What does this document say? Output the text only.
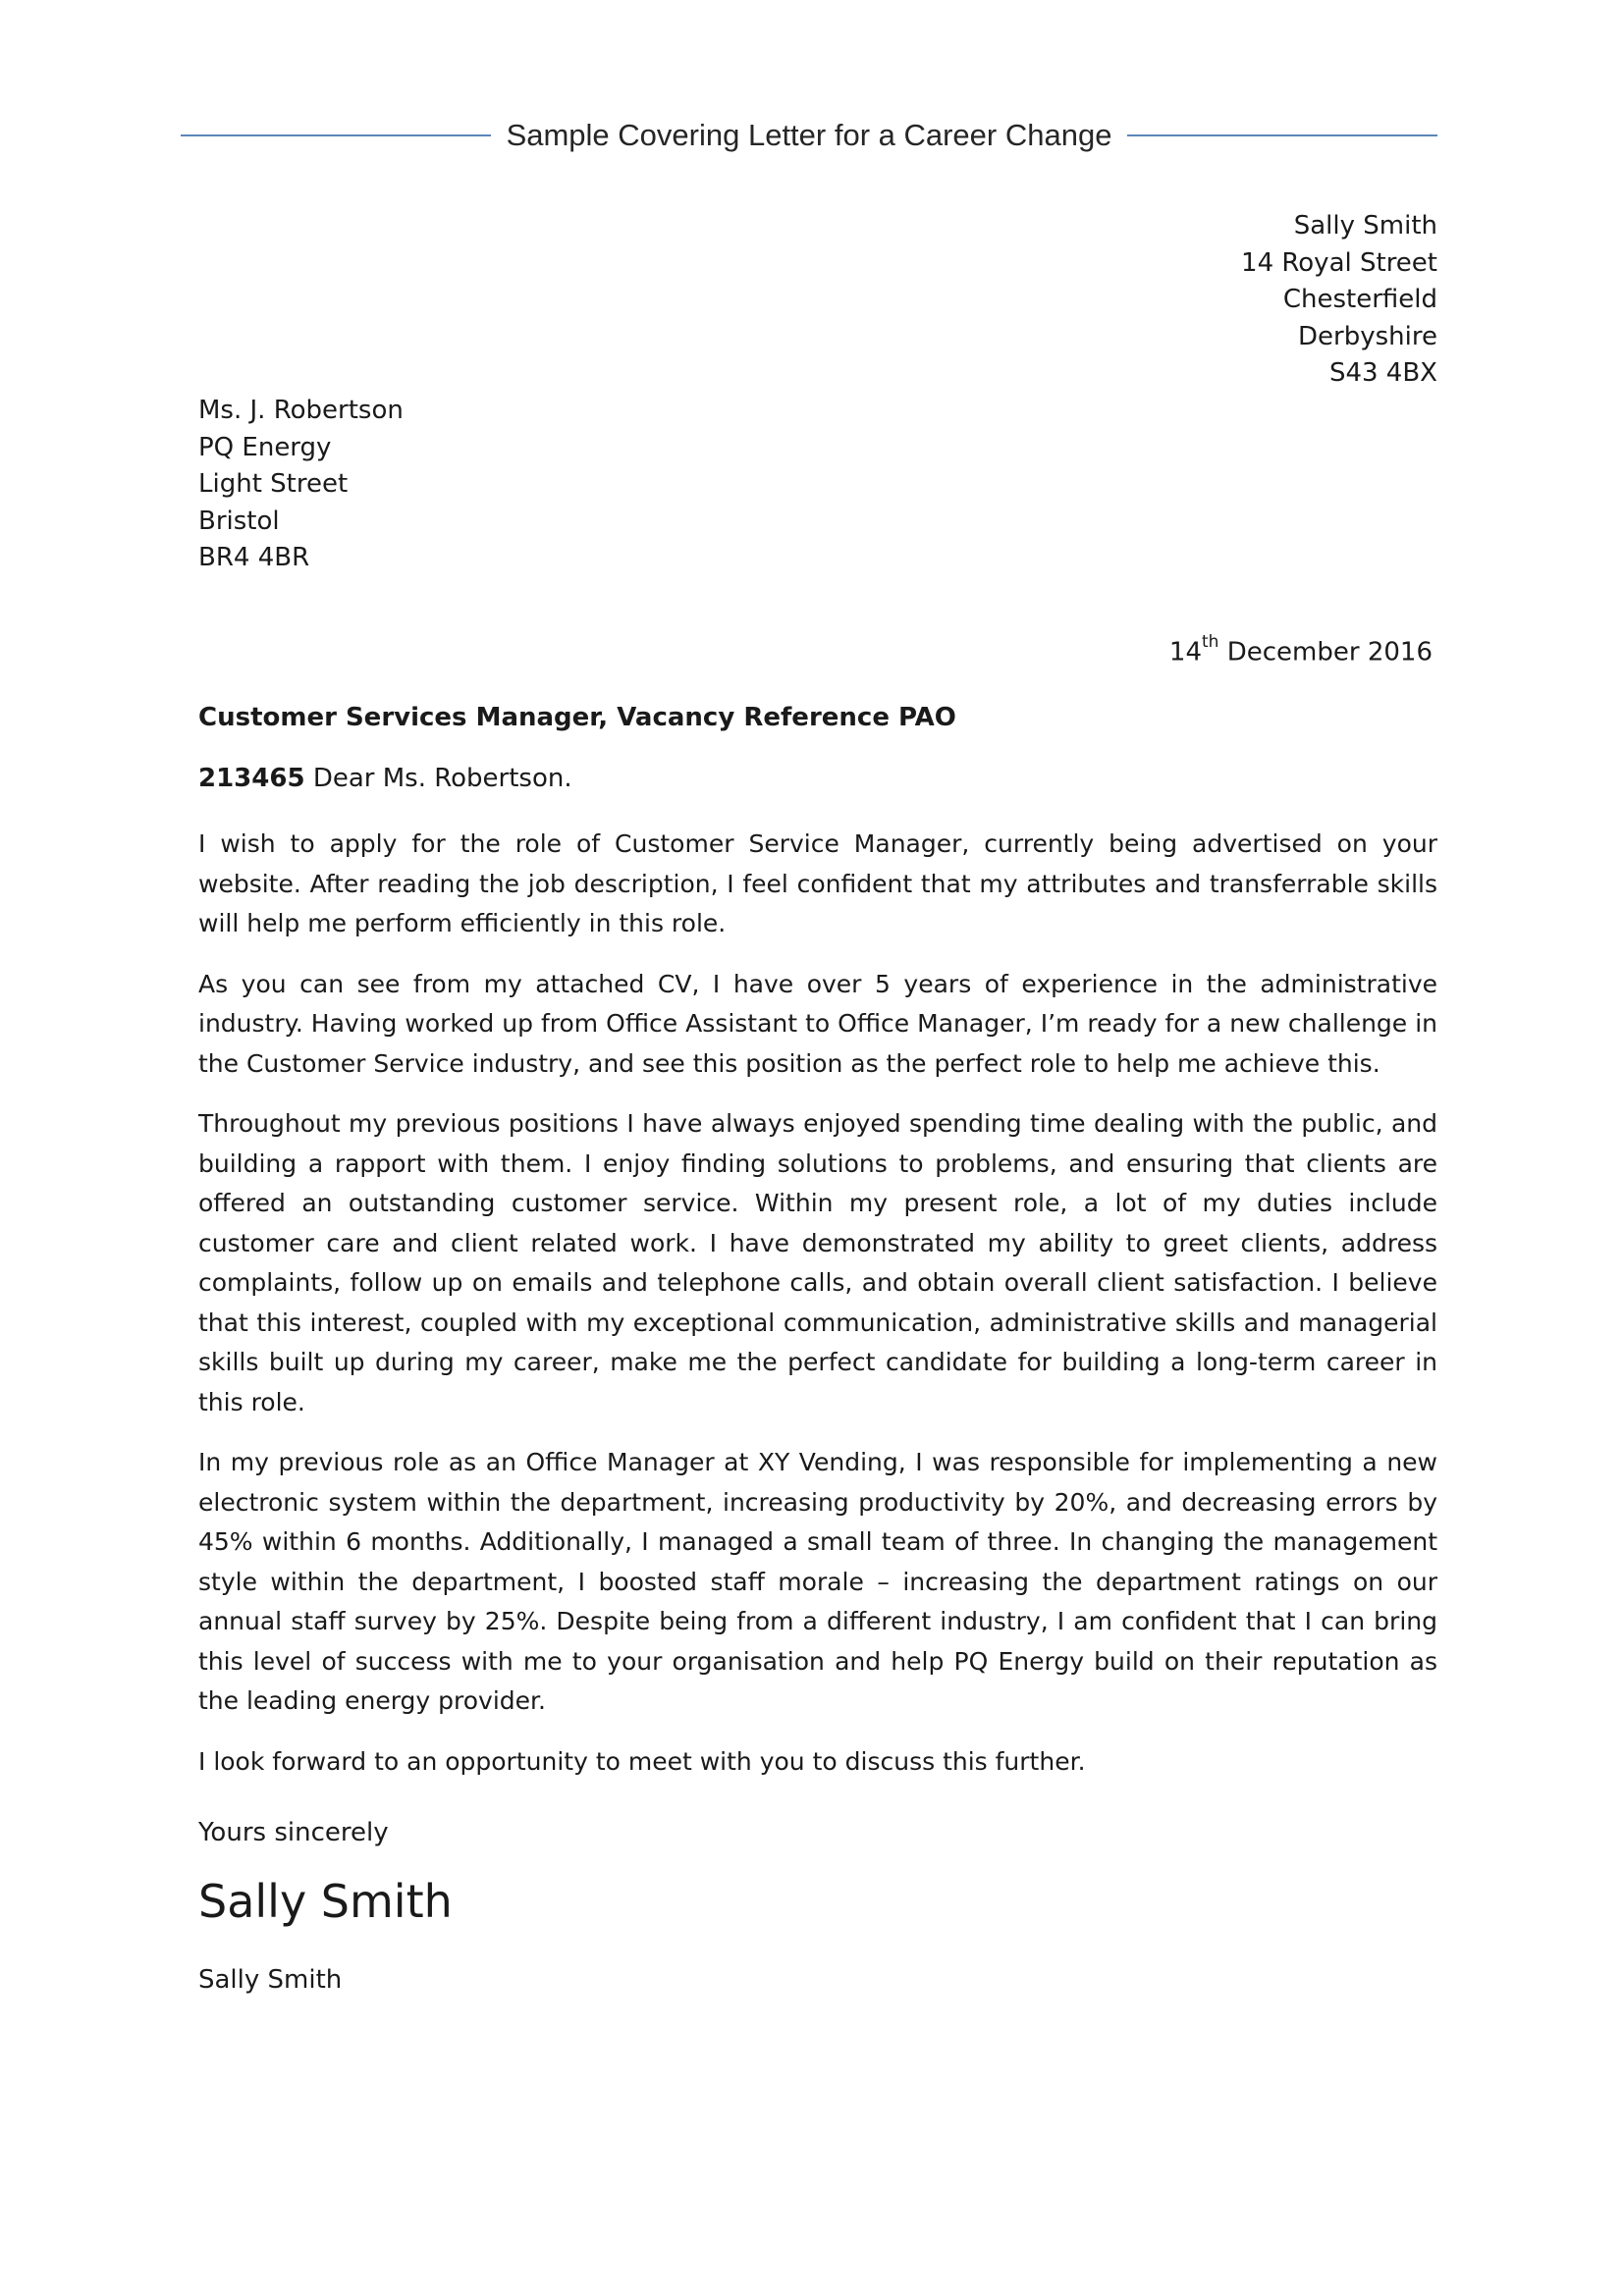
Sample Covering Letter for a Career Change
Sally Smith
14 Royal Street
Chesterfield
Derbyshire
S43 4BX
Ms. J. Robertson
PQ Energy
Light Street
Bristol
BR4 4BR
14th December 2016
Customer Services Manager, Vacancy Reference PAO
213465 Dear Ms. Robertson.

I wish to apply for the role of Customer Service Manager, currently being advertised on your website. After reading the job description, I feel confident that my attributes and transferrable skills will help me perform efficiently in this role.

As you can see from my attached CV, I have over 5 years of experience in the administrative industry. Having worked up from Office Assistant to Office Manager, I’m ready for a new challenge in the Customer Service industry, and see this position as the perfect role to help me achieve this.

Throughout my previous positions I have always enjoyed spending time dealing with the public, and building a rapport with them. I enjoy finding solutions to problems, and ensuring that clients are offered an outstanding customer service. Within my present role, a lot of my duties include customer care and client related work. I have demonstrated my ability to greet clients, address complaints, follow up on emails and telephone calls, and obtain overall client satisfaction. I believe that this interest, coupled with my exceptional communication, administrative skills and managerial skills built up during my career, make me the perfect candidate for building a long-term career in this role.

In my previous role as an Office Manager at XY Vending, I was responsible for implementing a new electronic system within the department, increasing productivity by 20%, and decreasing errors by 45% within 6 months. Additionally, I managed a small team of three. In changing the management style within the department, I boosted staff morale – increasing the department ratings on our annual staff survey by 25%. Despite being from a different industry, I am confident that I can bring this level of success with me to your organisation and help PQ Energy build on their reputation as the leading energy provider.

I look forward to an opportunity to meet with you to discuss this further.

Yours sincerely
Sally Smith
Sally Smith
